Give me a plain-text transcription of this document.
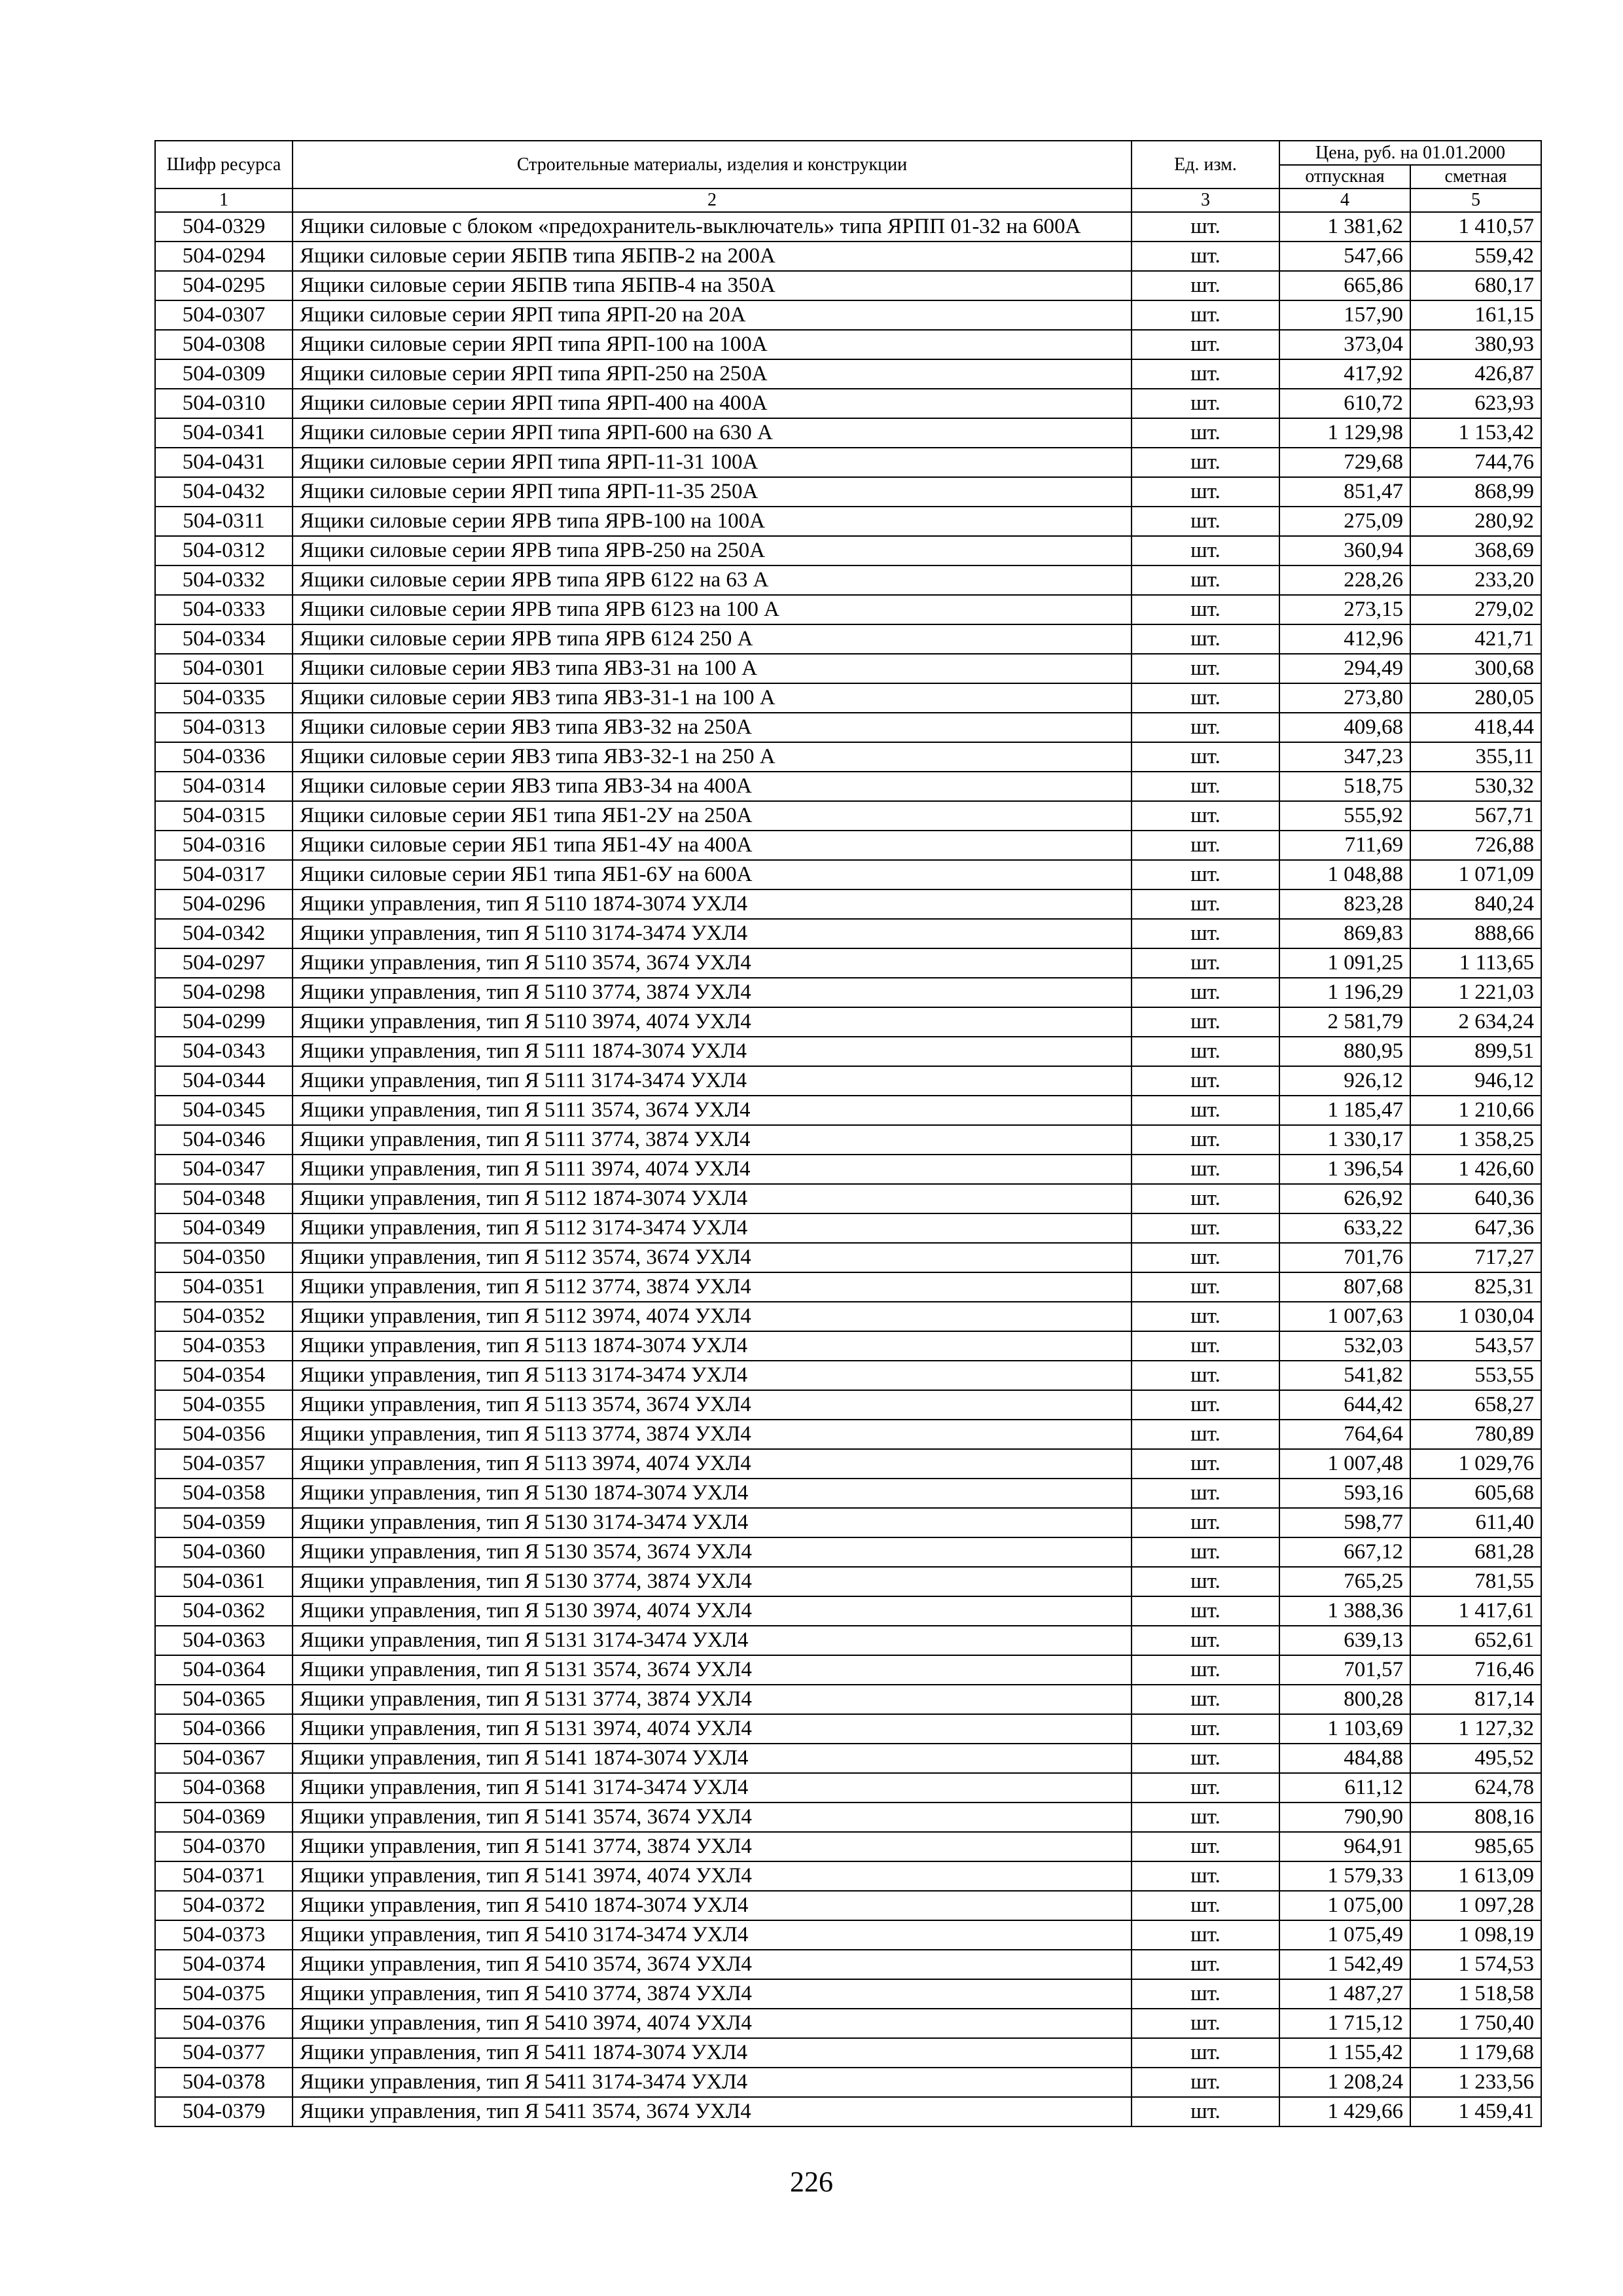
Шифр ресурса	Строительные материалы, изделия и конструкции	Ед. изм.	Цена, руб. на 01.01.2000	
			отпускная	сметная
1	2	3	4	5
504-0329	Ящики силовые с блоком «предохранитель-выключатель» типа ЯРПП 01-32 на 600А	шт.	1 381,62	1 410,57
504-0294	Ящики силовые серии ЯБПВ типа ЯБПВ-2 на 200А	шт.	547,66	559,42
504-0295	Ящики силовые серии ЯБПВ типа ЯБПВ-4 на 350А	шт.	665,86	680,17
504-0307	Ящики силовые серии ЯРП типа ЯРП-20 на 20А	шт.	157,90	161,15
504-0308	Ящики силовые серии ЯРП типа ЯРП-100 на 100А	шт.	373,04	380,93
504-0309	Ящики силовые серии ЯРП типа ЯРП-250 на 250А	шт.	417,92	426,87
504-0310	Ящики силовые серии ЯРП типа ЯРП-400 на 400А	шт.	610,72	623,93
504-0341	Ящики силовые серии ЯРП типа ЯРП-600 на 630 А	шт.	1 129,98	1 153,42
504-0431	Ящики силовые серии ЯРП типа ЯРП-11-31 100А	шт.	729,68	744,76
504-0432	Ящики силовые серии ЯРП типа ЯРП-11-35 250А	шт.	851,47	868,99
504-0311	Ящики силовые серии ЯРВ типа ЯРВ-100 на 100А	шт.	275,09	280,92
504-0312	Ящики силовые серии ЯРВ типа ЯРВ-250 на 250А	шт.	360,94	368,69
504-0332	Ящики силовые серии ЯРВ типа ЯРВ 6122 на 63 А	шт.	228,26	233,20
504-0333	Ящики силовые серии ЯРВ типа ЯРВ 6123 на 100 А	шт.	273,15	279,02
504-0334	Ящики силовые серии ЯРВ типа ЯРВ 6124 250 А	шт.	412,96	421,71
504-0301	Ящики силовые серии ЯВЗ типа ЯВЗ-31 на 100 А	шт.	294,49	300,68
504-0335	Ящики силовые серии ЯВЗ типа ЯВЗ-31-1 на 100 А	шт.	273,80	280,05
504-0313	Ящики силовые серии ЯВЗ типа ЯВЗ-32 на 250А	шт.	409,68	418,44
504-0336	Ящики силовые серии ЯВЗ типа ЯВЗ-32-1 на 250 А	шт.	347,23	355,11
504-0314	Ящики силовые серии ЯВЗ типа ЯВЗ-34 на 400А	шт.	518,75	530,32
504-0315	Ящики силовые серии ЯБ1 типа ЯБ1-2У на 250А	шт.	555,92	567,71
504-0316	Ящики силовые серии ЯБ1 типа ЯБ1-4У на 400А	шт.	711,69	726,88
504-0317	Ящики силовые серии ЯБ1 типа ЯБ1-6У на 600А	шт.	1 048,88	1 071,09
504-0296	Ящики управления, тип Я 5110 1874-3074 УХЛ4	шт.	823,28	840,24
504-0342	Ящики управления, тип Я 5110 3174-3474 УХЛ4	шт.	869,83	888,66
504-0297	Ящики управления, тип Я 5110 3574, 3674 УХЛ4	шт.	1 091,25	1 113,65
504-0298	Ящики управления, тип Я 5110 3774, 3874 УХЛ4	шт.	1 196,29	1 221,03
504-0299	Ящики управления, тип Я 5110 3974, 4074 УХЛ4	шт.	2 581,79	2 634,24
504-0343	Ящики управления, тип Я 5111 1874-3074 УХЛ4	шт.	880,95	899,51
504-0344	Ящики управления, тип Я 5111 3174-3474 УХЛ4	шт.	926,12	946,12
504-0345	Ящики управления, тип Я 5111 3574, 3674 УХЛ4	шт.	1 185,47	1 210,66
504-0346	Ящики управления, тип Я 5111 3774, 3874 УХЛ4	шт.	1 330,17	1 358,25
504-0347	Ящики управления, тип Я 5111 3974, 4074 УХЛ4	шт.	1 396,54	1 426,60
504-0348	Ящики управления, тип Я 5112 1874-3074 УХЛ4	шт.	626,92	640,36
504-0349	Ящики управления, тип Я 5112 3174-3474 УХЛ4	шт.	633,22	647,36
504-0350	Ящики управления, тип Я 5112 3574, 3674 УХЛ4	шт.	701,76	717,27
504-0351	Ящики управления, тип Я 5112 3774, 3874 УХЛ4	шт.	807,68	825,31
504-0352	Ящики управления, тип Я 5112 3974, 4074 УХЛ4	шт.	1 007,63	1 030,04
504-0353	Ящики управления, тип Я 5113 1874-3074 УХЛ4	шт.	532,03	543,57
504-0354	Ящики управления, тип Я 5113 3174-3474 УХЛ4	шт.	541,82	553,55
504-0355	Ящики управления, тип Я 5113 3574, 3674 УХЛ4	шт.	644,42	658,27
504-0356	Ящики управления, тип Я 5113 3774, 3874 УХЛ4	шт.	764,64	780,89
504-0357	Ящики управления, тип Я 5113 3974, 4074 УХЛ4	шт.	1 007,48	1 029,76
504-0358	Ящики управления, тип Я 5130 1874-3074 УХЛ4	шт.	593,16	605,68
504-0359	Ящики управления, тип Я 5130 3174-3474 УХЛ4	шт.	598,77	611,40
504-0360	Ящики управления, тип Я 5130 3574, 3674 УХЛ4	шт.	667,12	681,28
504-0361	Ящики управления, тип Я 5130 3774, 3874 УХЛ4	шт.	765,25	781,55
504-0362	Ящики управления, тип Я 5130 3974, 4074 УХЛ4	шт.	1 388,36	1 417,61
504-0363	Ящики управления, тип Я 5131 3174-3474 УХЛ4	шт.	639,13	652,61
504-0364	Ящики управления, тип Я 5131 3574, 3674 УХЛ4	шт.	701,57	716,46
504-0365	Ящики управления, тип Я 5131 3774, 3874 УХЛ4	шт.	800,28	817,14
504-0366	Ящики управления, тип Я 5131 3974, 4074 УХЛ4	шт.	1 103,69	1 127,32
504-0367	Ящики управления, тип Я 5141 1874-3074 УХЛ4	шт.	484,88	495,52
504-0368	Ящики управления, тип Я 5141 3174-3474 УХЛ4	шт.	611,12	624,78
504-0369	Ящики управления, тип Я 5141 3574, 3674 УХЛ4	шт.	790,90	808,16
504-0370	Ящики управления, тип Я 5141 3774, 3874 УХЛ4	шт.	964,91	985,65
504-0371	Ящики управления, тип Я 5141 3974, 4074 УХЛ4	шт.	1 579,33	1 613,09
504-0372	Ящики управления, тип Я 5410 1874-3074 УХЛ4	шт.	1 075,00	1 097,28
504-0373	Ящики управления, тип Я 5410 3174-3474 УХЛ4	шт.	1 075,49	1 098,19
504-0374	Ящики управления, тип Я 5410 3574, 3674 УХЛ4	шт.	1 542,49	1 574,53
504-0375	Ящики управления, тип Я 5410 3774, 3874 УХЛ4	шт.	1 487,27	1 518,58
504-0376	Ящики управления, тип Я 5410 3974, 4074 УХЛ4	шт.	1 715,12	1 750,40
504-0377	Ящики управления, тип Я 5411 1874-3074 УХЛ4	шт.	1 155,42	1 179,68
504-0378	Ящики управления, тип Я 5411 3174-3474 УХЛ4	шт.	1 208,24	1 233,56
504-0379	Ящики управления, тип Я 5411 3574, 3674 УХЛ4	шт.	1 429,66	1 459,41
226
